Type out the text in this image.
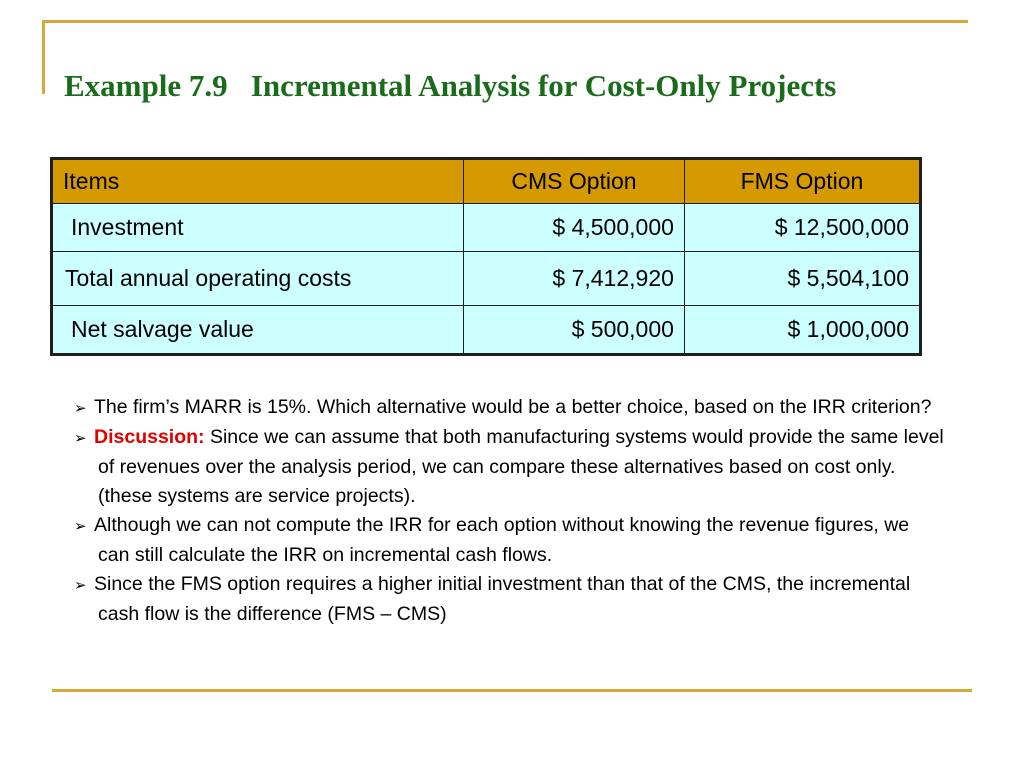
Example 7.9   Incremental Analysis for Cost-Only Projects
Items	CMS Option	FMS Option
Investment	$ 4,500,000	$ 12,500,000
Total annual operating costs	$ 7,412,920	$ 5,504,100
Net salvage value	$ 500,000	$ 1,000,000
➢ The firm’s MARR is 15%. Which alternative would be a better choice, based on the IRR criterion?
➢ Discussion: Since we can assume that both manufacturing systems would provide the same level of revenues over the analysis period, we can compare these alternatives based on cost only. (these systems are service projects).
➢ Although we can not compute the IRR for each option without knowing the revenue figures, we can still calculate the IRR on incremental cash flows.
➢ Since the FMS option requires a higher initial investment than that of the CMS, the incremental cash flow is the difference (FMS – CMS)
